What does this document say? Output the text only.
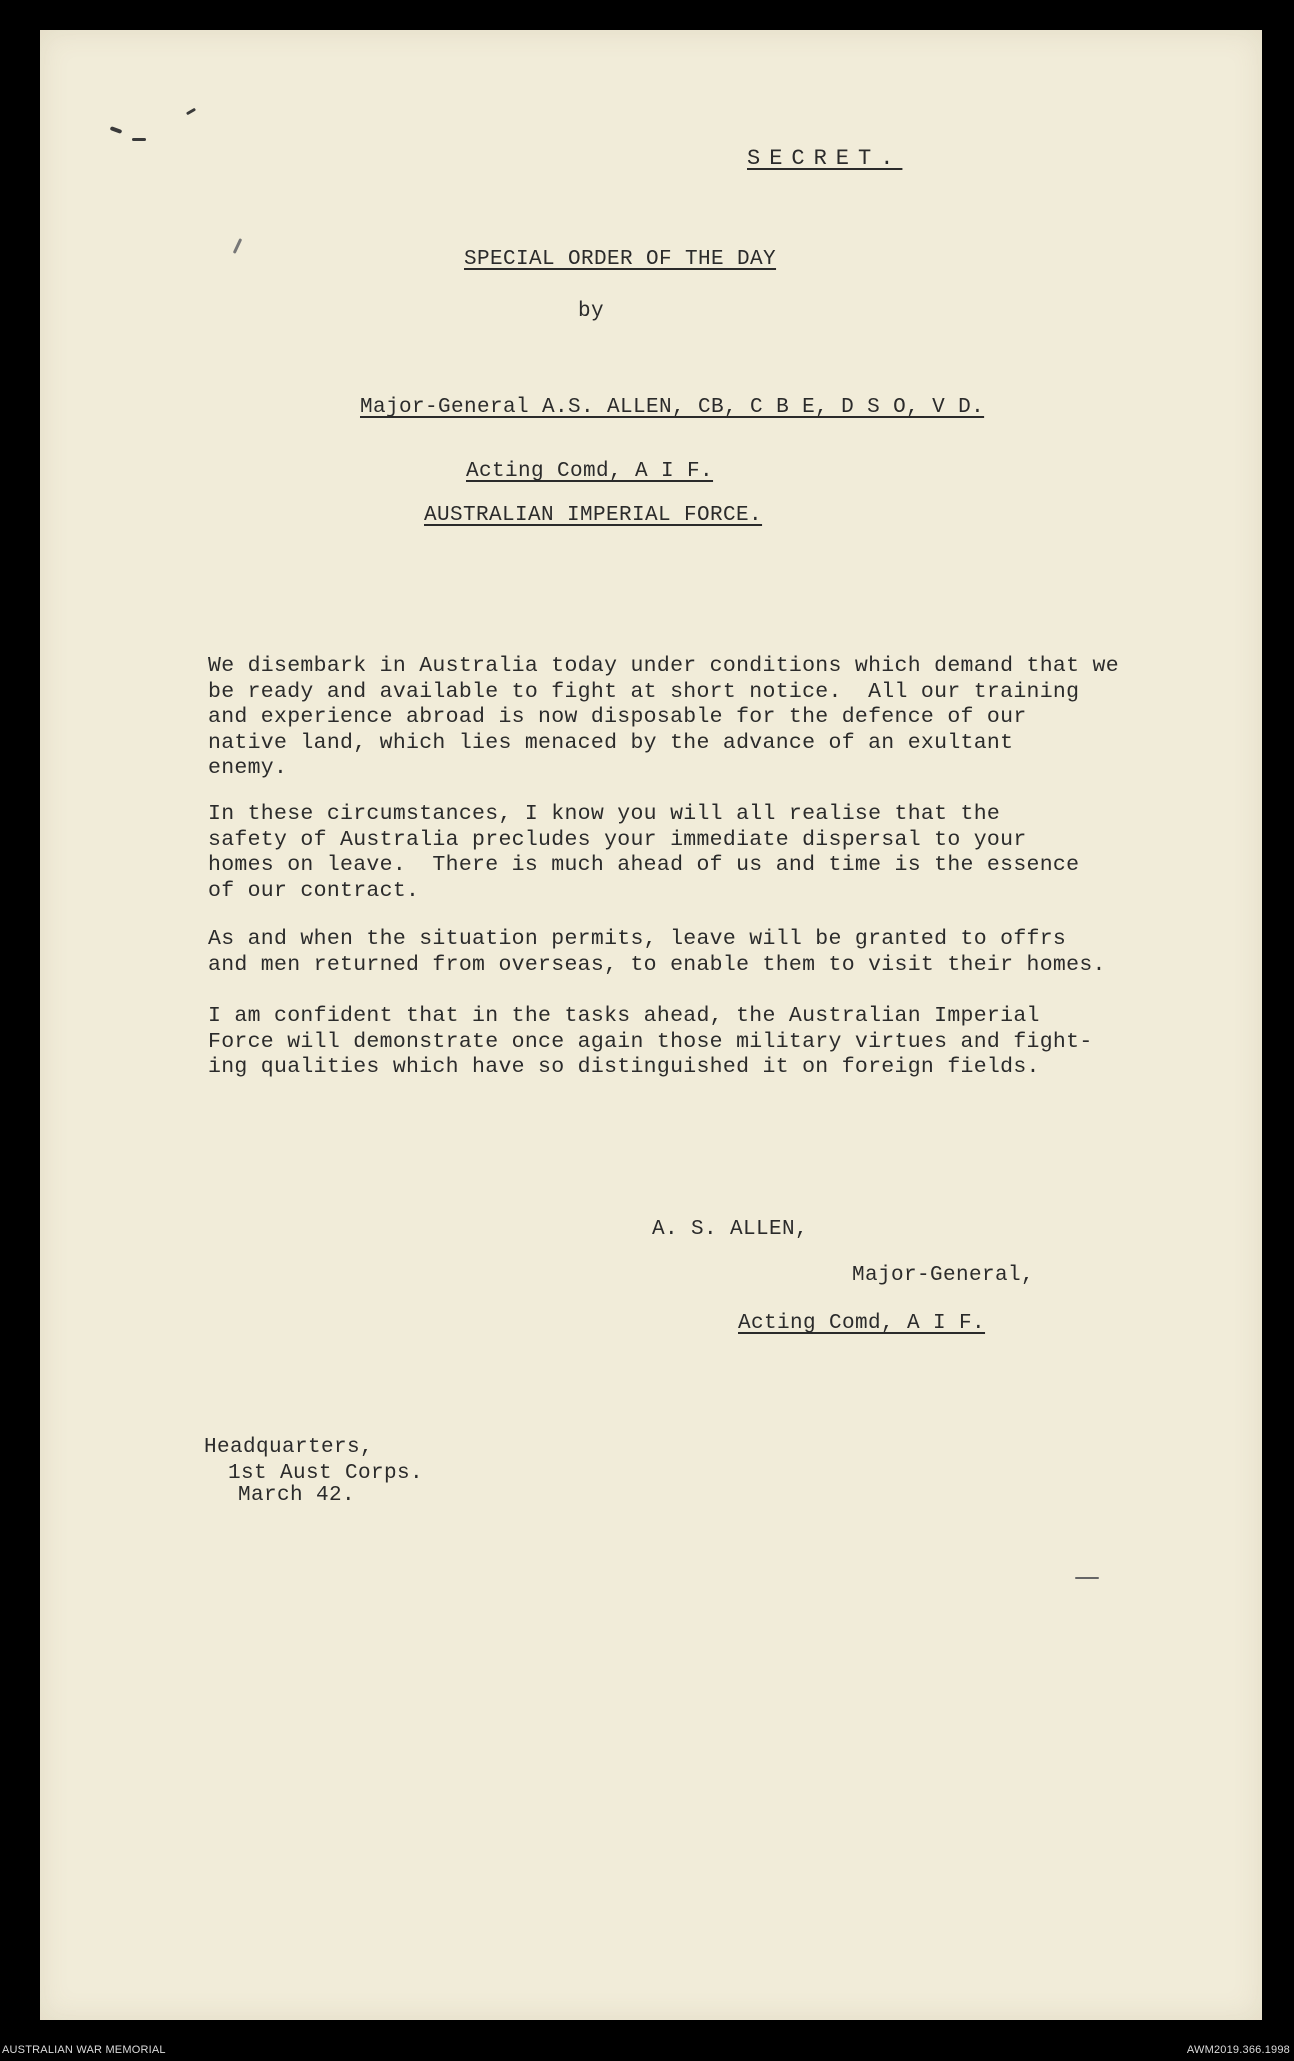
SECRET.
SPECIAL ORDER OF THE DAY
by
Major-General A.S. ALLEN, CB, C B E, D S O, V D.
Acting Comd, A I F.
AUSTRALIAN IMPERIAL FORCE.
We disembark in Australia today under conditions which demand that we
be ready and available to fight at short notice.  All our training
and experience abroad is now disposable for the defence of our
native land, which lies menaced by the advance of an exultant
enemy.
In these circumstances, I know you will all realise that the
safety of Australia precludes your immediate dispersal to your
homes on leave.  There is much ahead of us and time is the essence
of our contract.
As and when the situation permits, leave will be granted to offrs
and men returned from overseas, to enable them to visit their homes.
I am confident that in the tasks ahead, the Australian Imperial
Force will demonstrate once again those military virtues and fight-
ing qualities which have so distinguished it on foreign fields.
A. S. ALLEN,
Major-General,
Acting Comd, A I F.
Headquarters,
1st Aust Corps.
March 42.
AUSTRALIAN WAR MEMORIAL	AWM2019.366.1998
